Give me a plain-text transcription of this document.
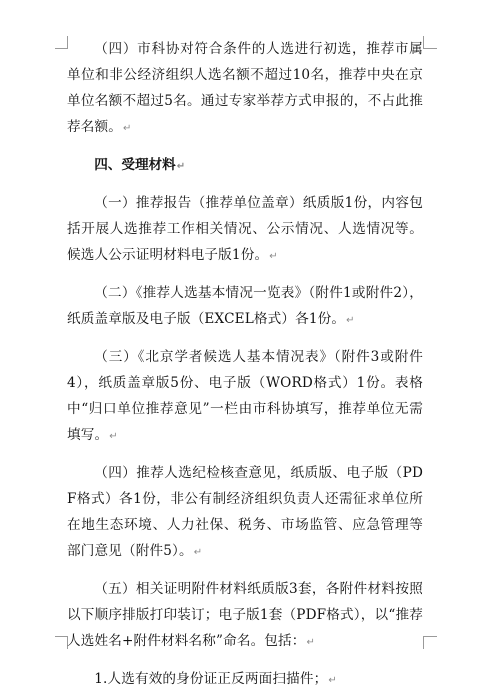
（四）市科协对符合条件的人选进行初选，推荐市属单位和非公经济组织人选名额不超过10名，推荐中央在京单位名额不超过5名。通过专家举荐方式申报的，不占此推荐名额。↵

四、受理材料↵

（一）推荐报告（推荐单位盖章）纸质版1份，内容包括开展人选推荐工作相关情况、公示情况、人选情况等。候选人公示证明材料电子版1份。↵

（二）《推荐人选基本情况一览表》（附件1或附件2），纸质盖章版及电子版（EXCEL格式）各1份。↵

（三）《北京学者候选人基本情况表》（附件3或附件4），纸质盖章版5份、电子版（WORD格式）1份。表格中“归口单位推荐意见”一栏由市科协填写，推荐单位无需填写。↵

（四）推荐人选纪检核查意见，纸质版、电子版（PDF格式）各1份，非公有制经济组织负责人还需征求单位所在地生态环境、人力社保、税务、市场监管、应急管理等部门意见（附件5）。↵

（五）相关证明附件材料纸质版3套，各附件材料按照以下顺序排版打印装订；电子版1套（PDF格式），以“推荐人选姓名+附件材料名称”命名。包括：↵

1.人选有效的身份证正反两面扫描件；↵
